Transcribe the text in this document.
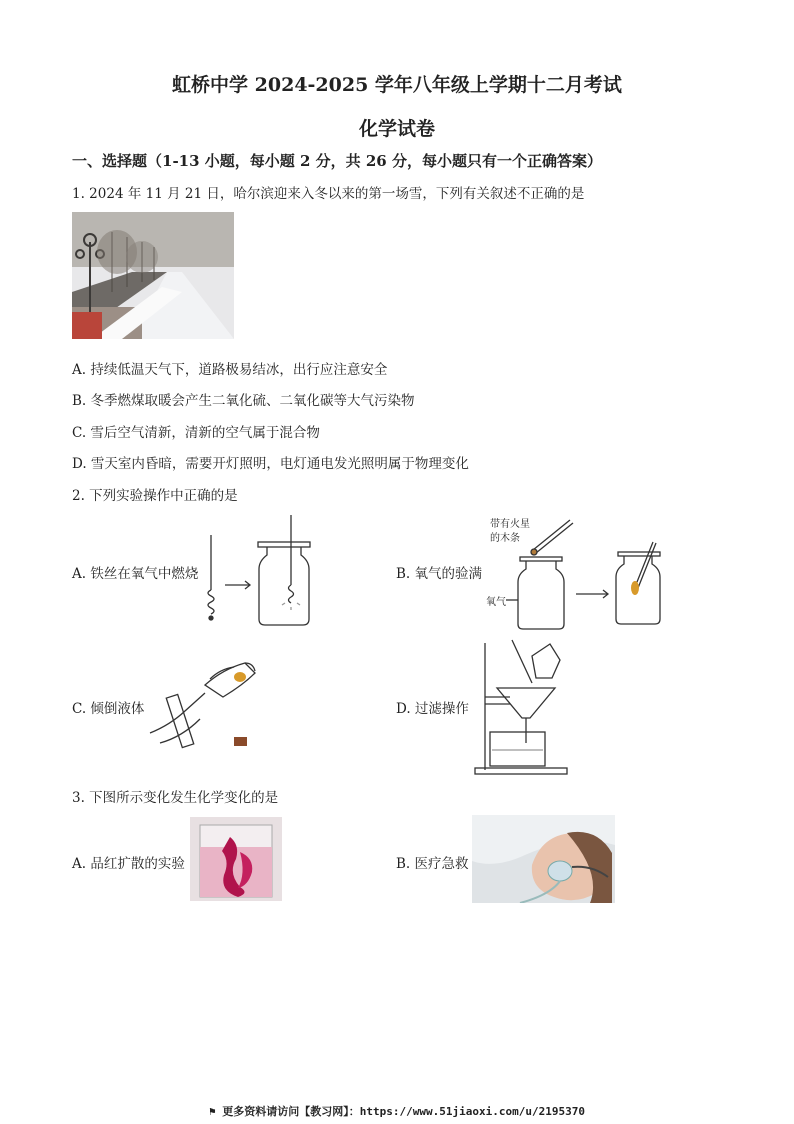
虹桥中学 2024-2025 学年八年级上学期十二月考试
化学试卷
一、选择题（1-13 小题，每小题 2 分，共 26 分，每小题只有一个正确答案）
1. 2024 年 11 月 21 日，哈尔滨迎来入冬以来的第一场雪，下列有关叙述不正确的是
A. 持续低温天气下，道路极易结冰，出行应注意安全
B. 冬季燃煤取暖会产生二氧化硫、二氧化碳等大气污染物
C. 雪后空气清新，清新的空气属于混合物
D. 雪天室内昏暗，需要开灯照明，电灯通电发光照明属于物理变化
2. 下列实验操作中正确的是
A. 铁丝在氧气中燃烧	B. 氧气的验满
带有火星
的木条
氧气
C. 倾倒液体	D. 过滤操作
3. 下图所示变化发生化学变化的是
A. 品红扩散的实验	B. 医疗急救
⚑ 更多资料请访问【教习网】：https://www.51jiaoxi.com/u/2195370
